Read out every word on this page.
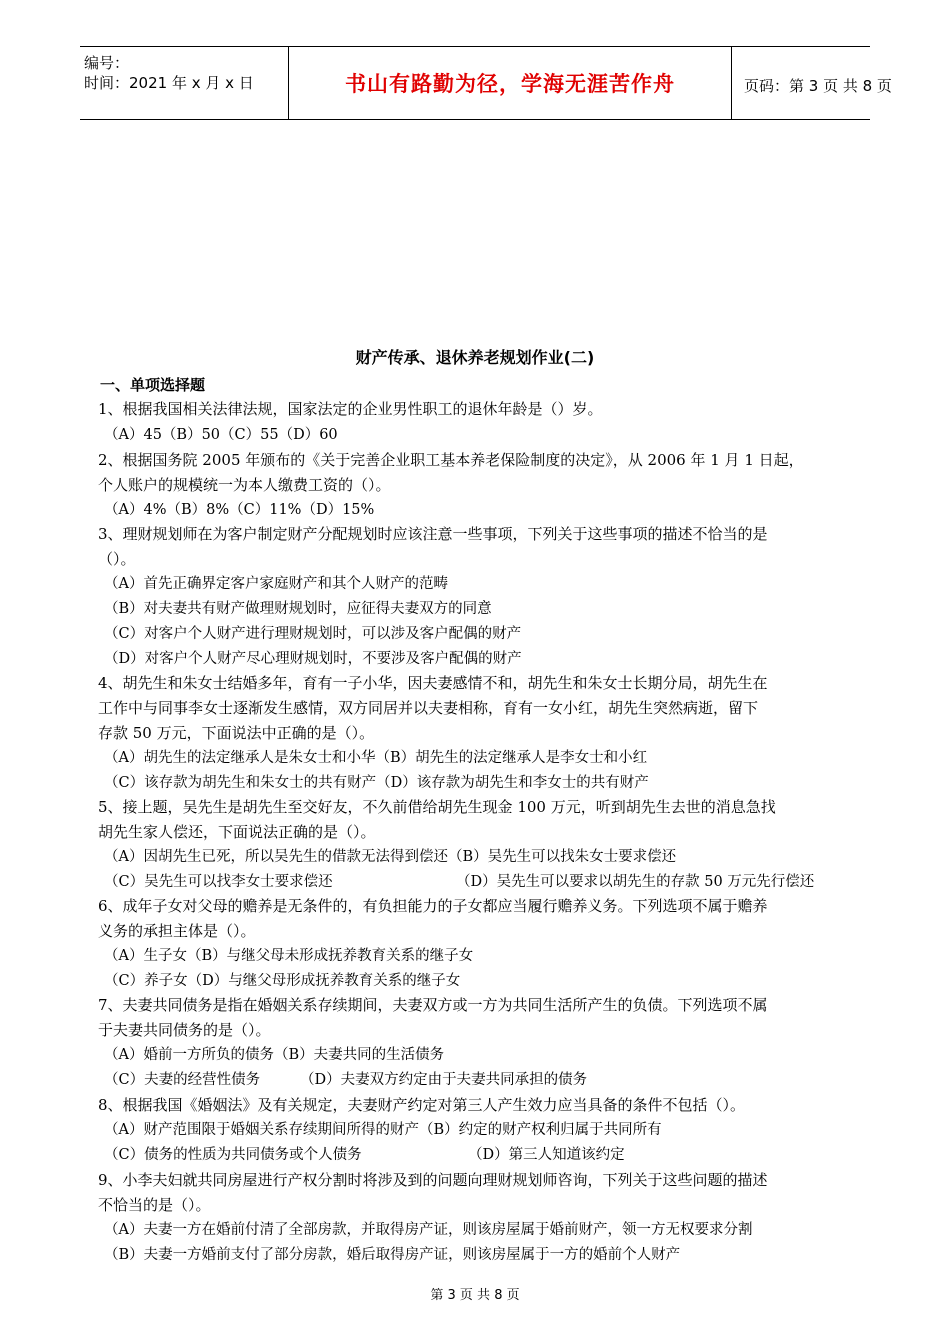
编号：
时间：2021 年 x 月 x 日	书山有路勤为径，学海无涯苦作舟	页码：第 3 页 共 8 页
财产传承、退休养老规划作业(二)
一、单项选择题
1、根据我国相关法律法规，国家法定的企业男性职工的退休年龄是（）岁。
（A）45（B）50（C）55（D）60
2、根据国务院 2005 年颁布的《关于完善企业职工基本养老保险制度的决定》，从 2006 年 1 月 1 日起，
个人账户的规模统一为本人缴费工资的（）。
（A）4%（B）8%（C）11%（D）15%
3、理财规划师在为客户制定财产分配规划时应该注意一些事项，下列关于这些事项的描述不恰当的是
（）。
（A）首先正确界定客户家庭财产和其个人财产的范畴
（B）对夫妻共有财产做理财规划时，应征得夫妻双方的同意
（C）对客户个人财产进行理财规划时，可以涉及客户配偶的财产
（D）对客户个人财产尽心理财规划时，不要涉及客户配偶的财产
4、胡先生和朱女士结婚多年，育有一子小华，因夫妻感情不和，胡先生和朱女士长期分局，胡先生在
工作中与同事李女士逐渐发生感情，双方同居并以夫妻相称，育有一女小红，胡先生突然病逝，留下
存款 50 万元，下面说法中正确的是（）。
（A）胡先生的法定继承人是朱女士和小华（B）胡先生的法定继承人是李女士和小红
（C）该存款为胡先生和朱女士的共有财产（D）该存款为胡先生和李女士的共有财产
5、接上题，吴先生是胡先生至交好友，不久前借给胡先生现金 100 万元，听到胡先生去世的消息急找
胡先生家人偿还，下面说法正确的是（）。
（A）因胡先生已死，所以吴先生的借款无法得到偿还（B）吴先生可以找朱女士要求偿还
（C）吴先生可以找李女士要求偿还	（D）吴先生可以要求以胡先生的存款 50 万元先行偿还
6、成年子女对父母的赡养是无条件的，有负担能力的子女都应当履行赡养义务。下列选项不属于赡养
义务的承担主体是（）。
（A）生子女（B）与继父母未形成抚养教育关系的继子女
（C）养子女（D）与继父母形成抚养教育关系的继子女
7、夫妻共同债务是指在婚姻关系存续期间，夫妻双方或一方为共同生活所产生的负债。下列选项不属
于夫妻共同债务的是（）。
（A）婚前一方所负的债务（B）夫妻共同的生活债务
（C）夫妻的经营性债务	（D）夫妻双方约定由于夫妻共同承担的债务
8、根据我国《婚姻法》及有关规定，夫妻财产约定对第三人产生效力应当具备的条件不包括（）。
（A）财产范围限于婚姻关系存续期间所得的财产（B）约定的财产权利归属于共同所有
（C）债务的性质为共同债务或个人债务	（D）第三人知道该约定
9、小李夫妇就共同房屋进行产权分割时将涉及到的问题向理财规划师咨询，下列关于这些问题的描述
不恰当的是（）。
（A）夫妻一方在婚前付清了全部房款，并取得房产证，则该房屋属于婚前财产，领一方无权要求分割
（B）夫妻一方婚前支付了部分房款，婚后取得房产证，则该房屋属于一方的婚前个人财产
第 3 页 共 8 页
